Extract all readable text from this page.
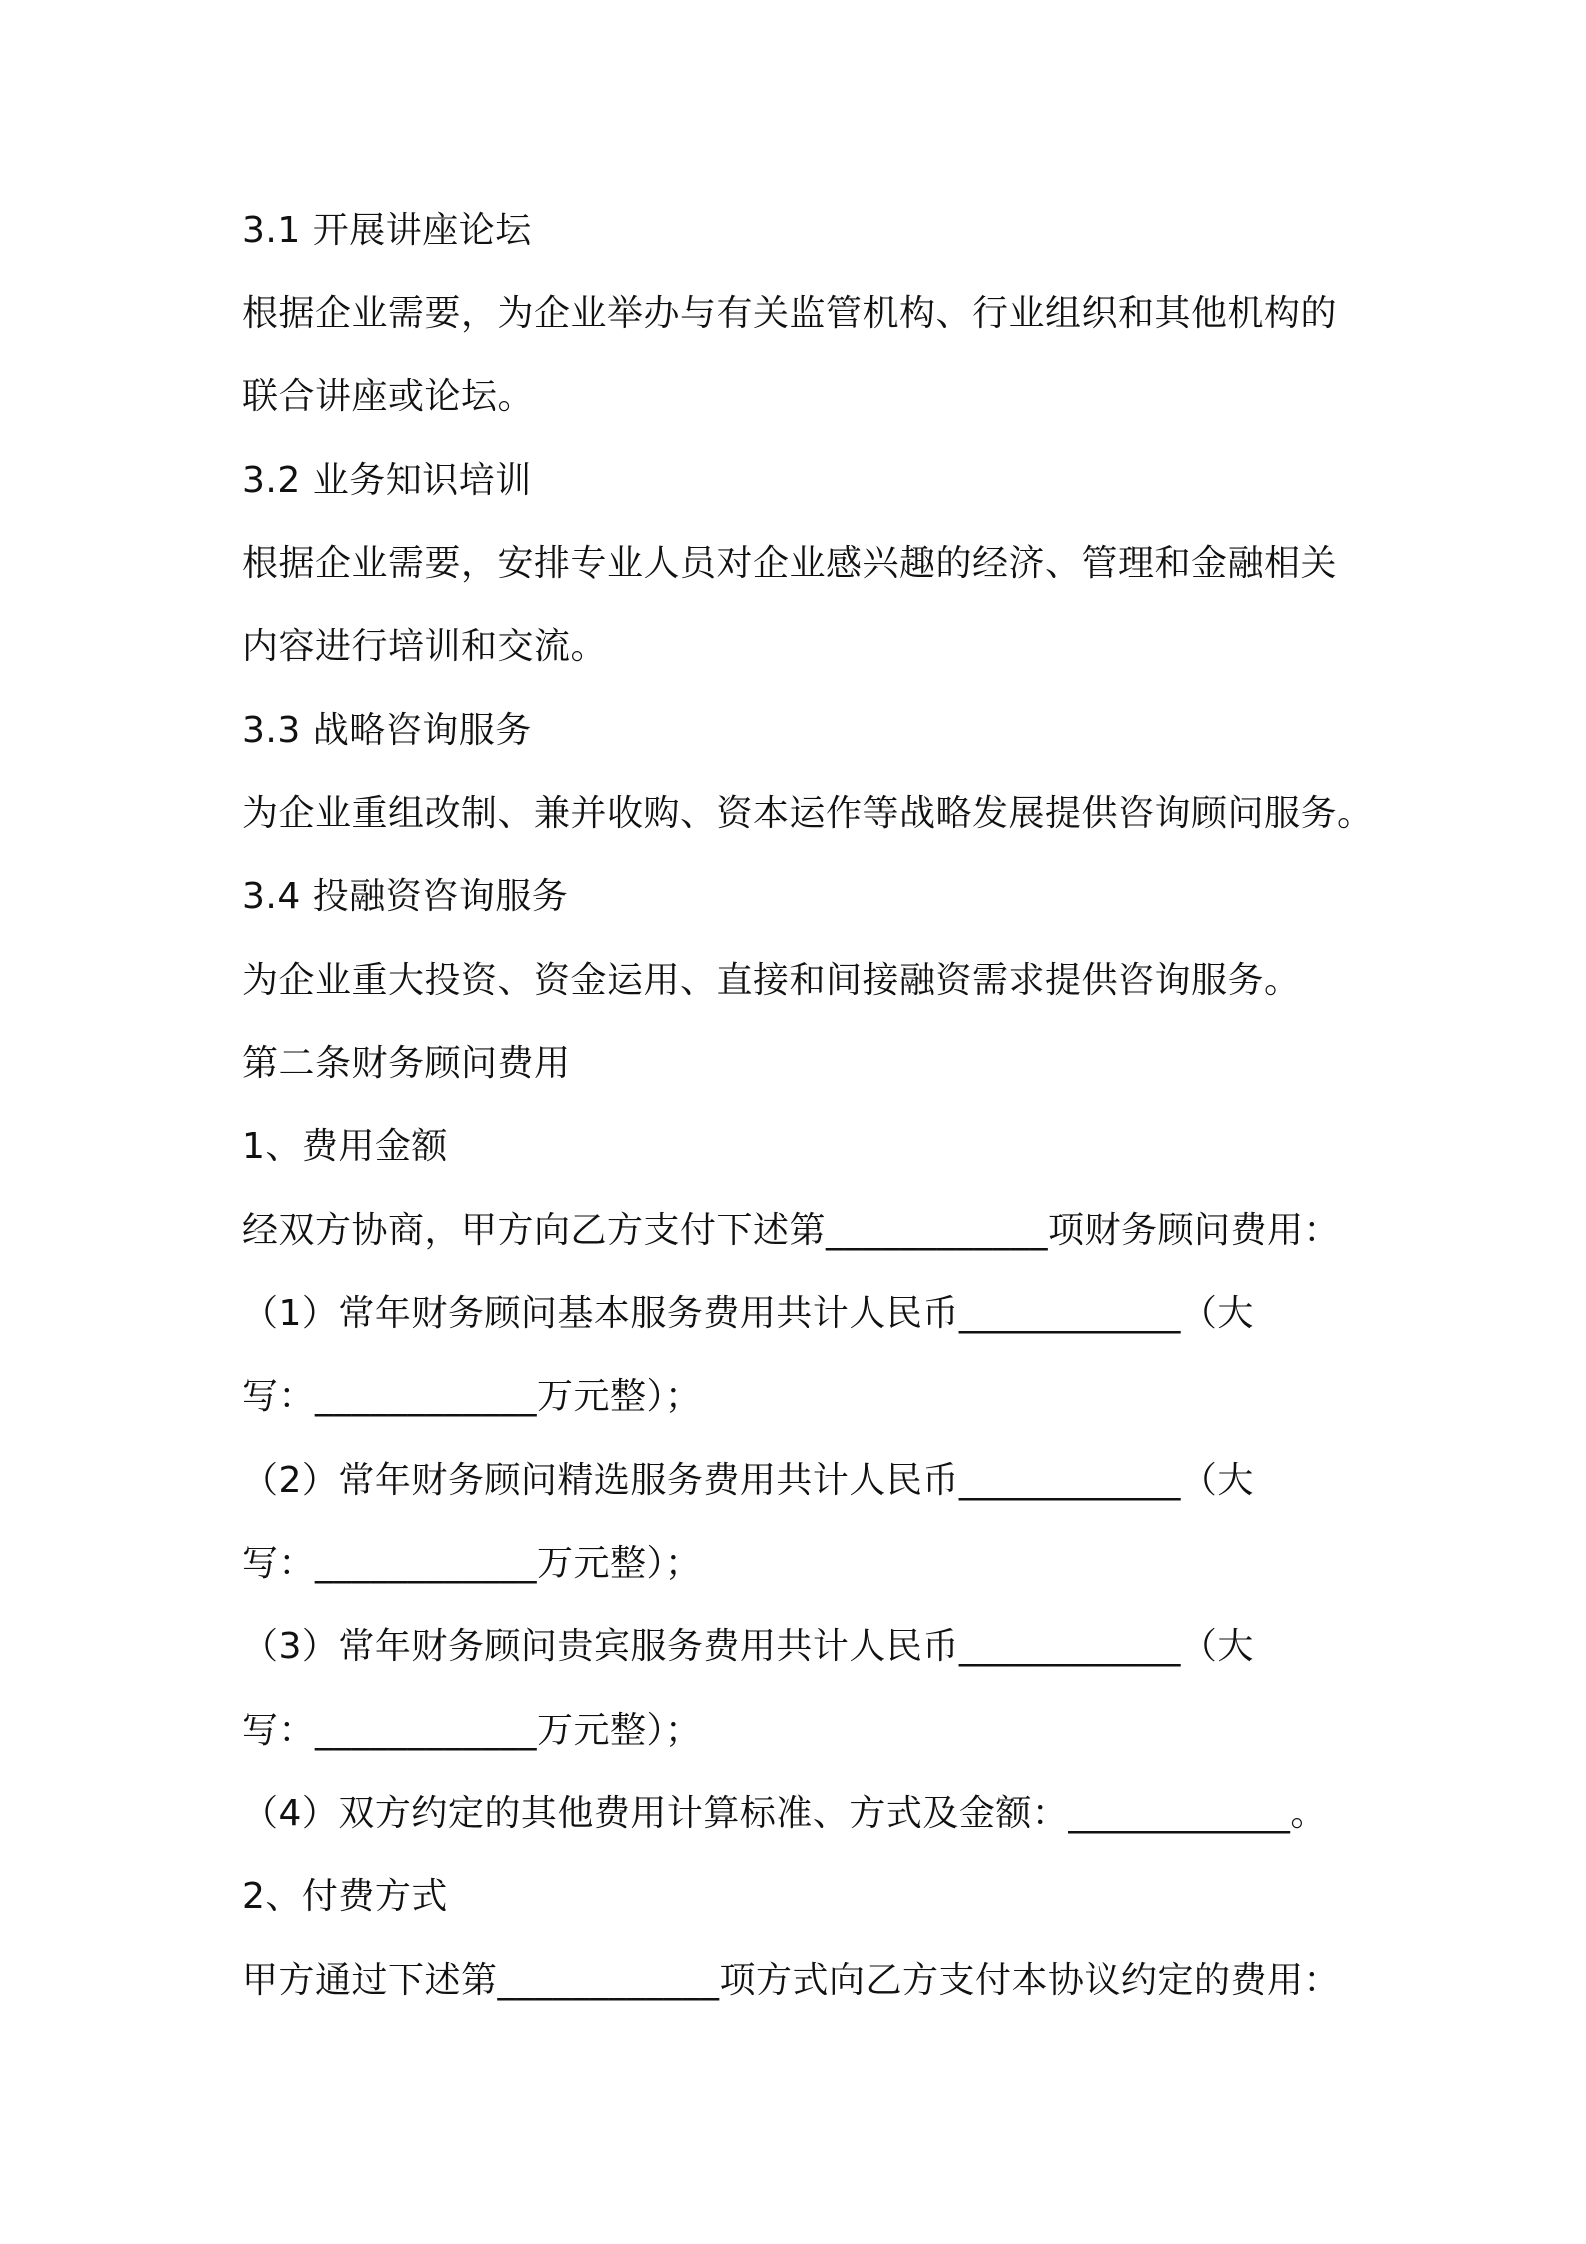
3.1 开展讲座论坛
根据企业需要，为企业举办与有关监管机构、行业组织和其他机构的
联合讲座或论坛。
3.2 业务知识培训
根据企业需要，安排专业人员对企业感兴趣的经济、管理和金融相关
内容进行培训和交流。
3.3 战略咨询服务
为企业重组改制、兼并收购、资本运作等战略发展提供咨询顾问服务。
3.4 投融资咨询服务
为企业重大投资、资金运用、直接和间接融资需求提供咨询服务。
第二条财务顾问费用
1、费用金额
经双方协商，甲方向乙方支付下述第____________项财务顾问费用：
（1）常年财务顾问基本服务费用共计人民币____________（大
写：____________万元整）；
（2）常年财务顾问精选服务费用共计人民币____________（大
写：____________万元整）；
（3）常年财务顾问贵宾服务费用共计人民币____________（大
写：____________万元整）；
（4）双方约定的其他费用计算标准、方式及金额：____________。
2、付费方式
甲方通过下述第____________项方式向乙方支付本协议约定的费用：
